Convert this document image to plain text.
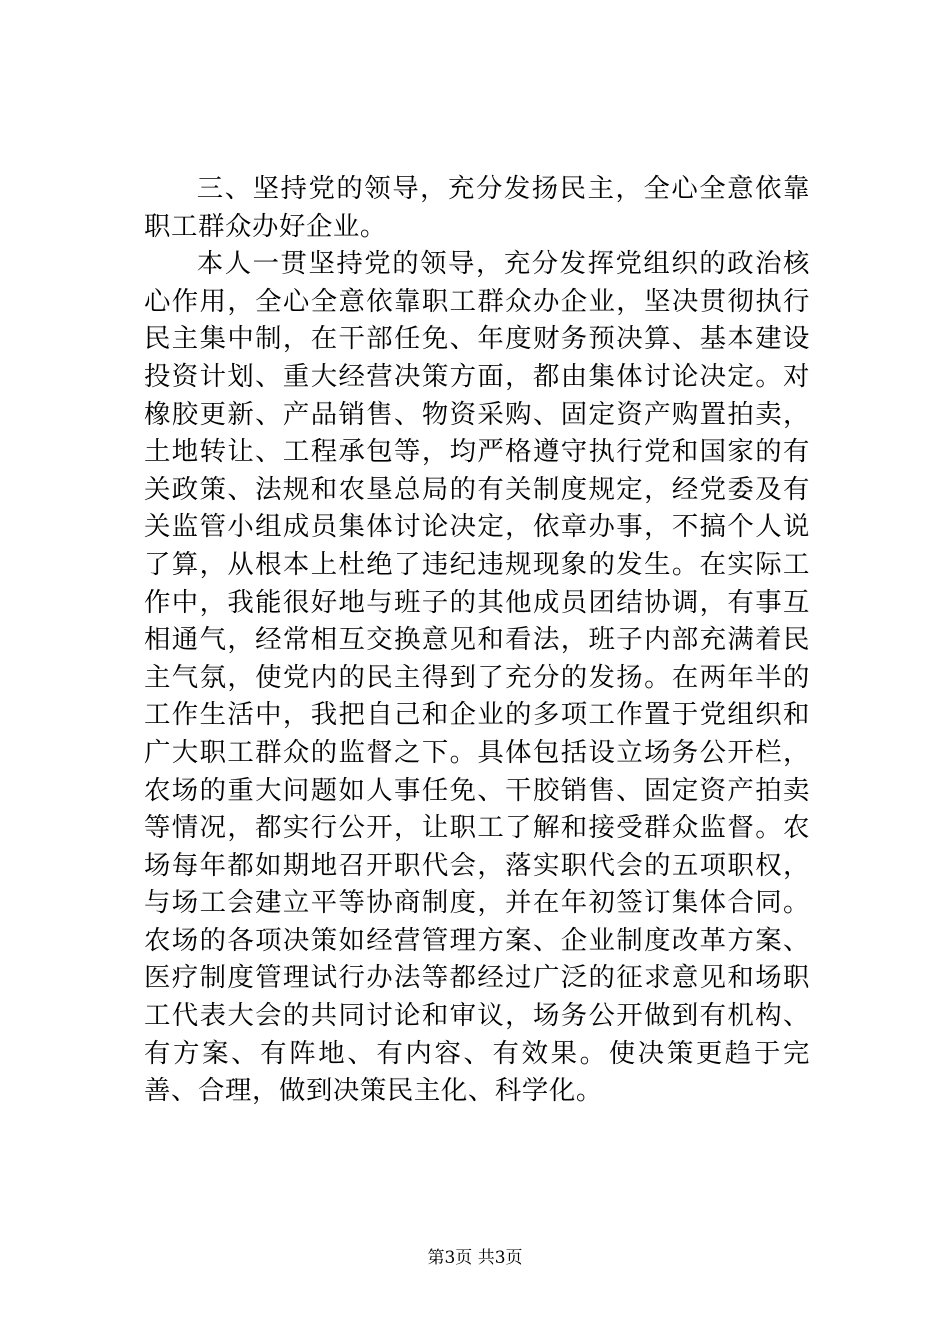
三、坚持党的领导，充分发扬民主，全心全意依靠职工群众办好企业。

本人一贯坚持党的领导，充分发挥党组织的政治核心作用，全心全意依靠职工群众办企业，坚决贯彻执行民主集中制，在干部任免、年度财务预决算、基本建设投资计划、重大经营决策方面，都由集体讨论决定。对橡胶更新、产品销售、物资采购、固定资产购置拍卖，土地转让、工程承包等，均严格遵守执行党和国家的有关政策、法规和农垦总局的有关制度规定，经党委及有关监管小组成员集体讨论决定，依章办事，不搞个人说了算，从根本上杜绝了违纪违规现象的发生。在实际工作中，我能很好地与班子的其他成员团结协调，有事互相通气，经常相互交换意见和看法，班子内部充满着民主气氛，使党内的民主得到了充分的发扬。在两年半的工作生活中，我把自己和企业的多项工作置于党组织和广大职工群众的监督之下。具体包括设立场务公开栏，农场的重大问题如人事任免、干胶销售、固定资产拍卖等情况，都实行公开，让职工了解和接受群众监督。农场每年都如期地召开职代会，落实职代会的五项职权，与场工会建立平等协商制度，并在年初签订集体合同。农场的各项决策如经营管理方案、企业制度改革方案、医疗制度管理试行办法等都经过广泛的征求意见和场职工代表大会的共同讨论和审议，场务公开做到有机构、有方案、有阵地、有内容、有效果。使决策更趋于完善、合理，做到决策民主化、科学化。

第3页 共3页
